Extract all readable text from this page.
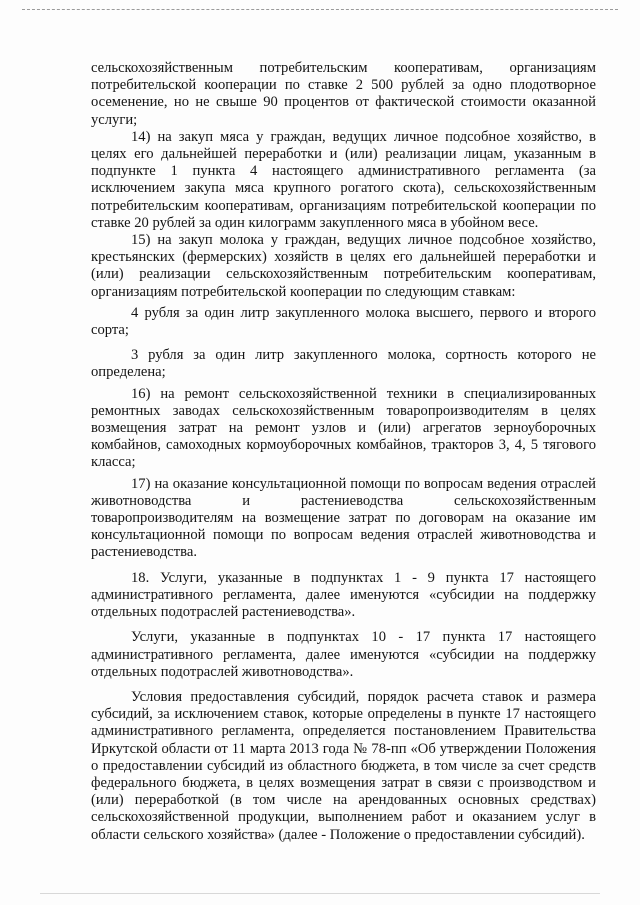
сельскохозяйственным потребительским кооперативам, организациям потребительской кооперации по ставке 2 500 рублей за одно плодотворное осеменение, но не свыше 90 процентов от фактической стоимости оказанной услуги;

14) на закуп мяса у граждан, ведущих личное подсобное хозяйство, в целях его дальнейшей переработки и (или) реализации лицам, указанным в подпункте 1 пункта 4 настоящего административного регламента (за исключением закупа мяса крупного рогатого скота), сельскохозяйственным потребительским кооперативам, организациям потребительской кооперации по ставке 20 рублей за один килограмм закупленного мяса в убойном весе.

15) на закуп молока у граждан, ведущих личное подсобное хозяйство, крестьянских (фермерских) хозяйств в целях его дальнейшей переработки и (или) реализации сельскохозяйственным потребительским кооперативам, организациям потребительской кооперации по следующим ставкам:

4 рубля за один литр закупленного молока высшего, первого и второго сорта;

3 рубля за один литр закупленного молока, сортность которого не определена;

16) на ремонт сельскохозяйственной техники в специализированных ремонтных заводах сельскохозяйственным товаропроизводителям в целях возмещения затрат на ремонт узлов и (или) агрегатов зерноуборочных комбайнов, самоходных кормоуборочных комбайнов, тракторов 3, 4, 5 тягового класса;

17) на оказание консультационной помощи по вопросам ведения отраслей животноводства и растениеводства сельскохозяйственным товаропроизводителям на возмещение затрат по договорам на оказание им консультационной помощи по вопросам ведения отраслей животноводства и растениеводства.

18. Услуги, указанные в подпунктах 1 - 9 пункта 17 настоящего административного регламента, далее именуются «субсидии на поддержку отдельных подотраслей растениеводства».

Услуги, указанные в подпунктах 10 - 17 пункта 17 настоящего административного регламента, далее именуются «субсидии на поддержку отдельных подотраслей животноводства».

Условия предоставления субсидий, порядок расчета ставок и размера субсидий, за исключением ставок, которые определены в пункте 17 настоящего административного регламента, определяется постановлением Правительства Иркутской области от 11 марта 2013 года № 78-пп «Об утверждении Положения о предоставлении субсидий из областного бюджета, в том числе за счет средств федерального бюджета, в целях возмещения затрат в связи с производством и (или) переработкой (в том числе на арендованных основных средствах) сельскохозяйственной продукции, выполнением работ и оказанием услуг в области сельского хозяйства» (далее - Положение о предоставлении субсидий).
